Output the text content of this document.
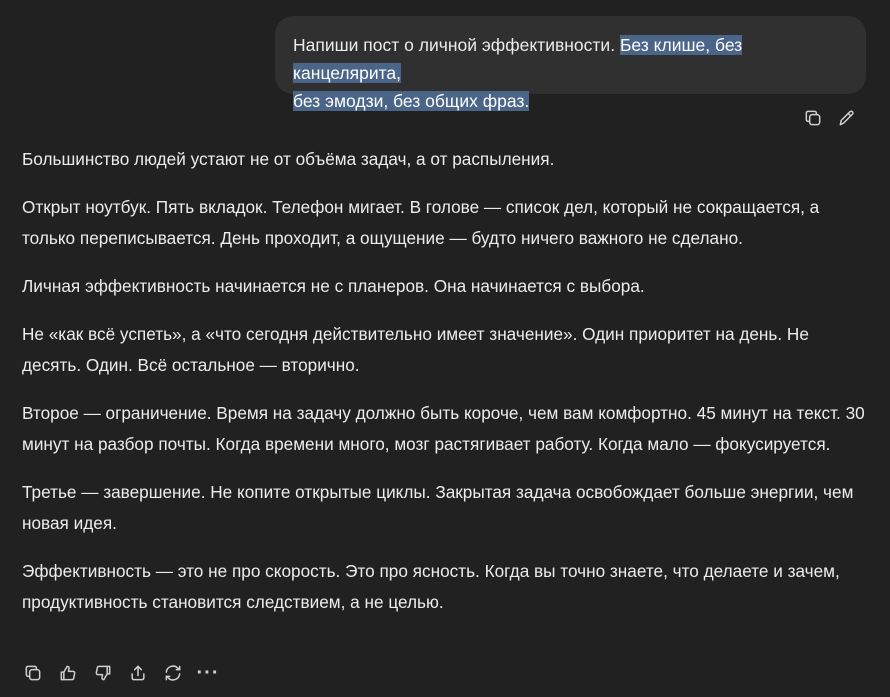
Напиши пост о личной эффективности. Без клише, без канцелярита,
без эмодзи, без общих фраз.

Большинство людей устают не от объёма задач, а от распыления.

Открыт ноутбук. Пять вкладок. Телефон мигает. В голове — список дел, который не сокращается, а только переписывается. День проходит, а ощущение — будто ничего важного не сделано.

Личная эффективность начинается не с планеров. Она начинается с выбора.

Не «как всё успеть», а «что сегодня действительно имеет значение». Один приоритет на день. Не десять. Один. Всё остальное — вторично.

Второе — ограничение. Время на задачу должно быть короче, чем вам комфортно. 45 минут на текст. 30 минут на разбор почты. Когда времени много, мозг растягивает работу. Когда мало — фокусируется.

Третье — завершение. Не копите открытые циклы. Закрытая задача освобождает больше энергии, чем новая идея.

Эффективность — это не про скорость. Это про ясность. Когда вы точно знаете, что делаете и зачем, продуктивность становится следствием, а не целью.

···
